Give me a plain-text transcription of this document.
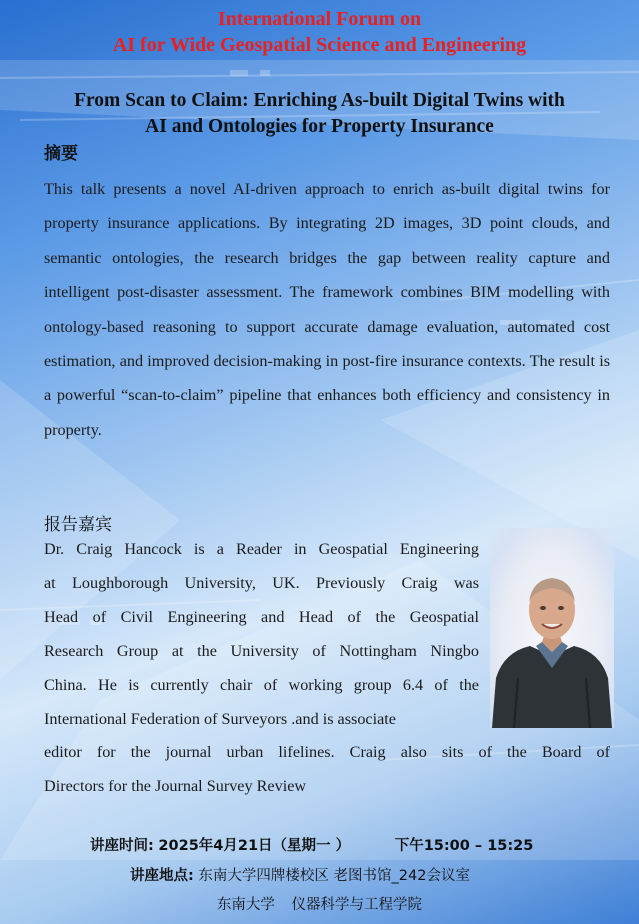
International Forum on
AI for Wide Geospatial Science and Engineering
From Scan to Claim: Enriching As-built Digital Twins with
AI and Ontologies for Property Insurance
摘要

This talk presents a novel AI-driven approach to enrich as-built digital twins for property insurance applications. By integrating 2D images, 3D point clouds, and semantic ontologies, the research bridges the gap between reality capture and intelligent post-disaster assessment. The framework combines BIM modelling with ontology-based reasoning to support accurate damage evaluation, automated cost estimation, and improved decision-making in post-fire insurance contexts. The result is a powerful “scan-to-claim” pipeline that enhances both efficiency and consistency in property.

报告嘉宾
Dr. Craig Hancock is a Reader in Geospatial Engineering
at Loughborough University, UK. Previously Craig was
Head of Civil Engineering and Head of the Geospatial
Research Group at the University of Nottingham Ningbo
China. He is currently chair of working group 6.4 of the
International Federation of Surveyors .and is associate
editor for the journal urban lifelines. Craig also sits of the Board of
Directors for the Journal Survey Review
讲座时间: 2025年4月21日（星期一 ）	下午15:00 – 15:25
讲座地点: 东南大学四牌楼校区 老图书馆_242会议室
东南大学 仪器科学与工程学院
